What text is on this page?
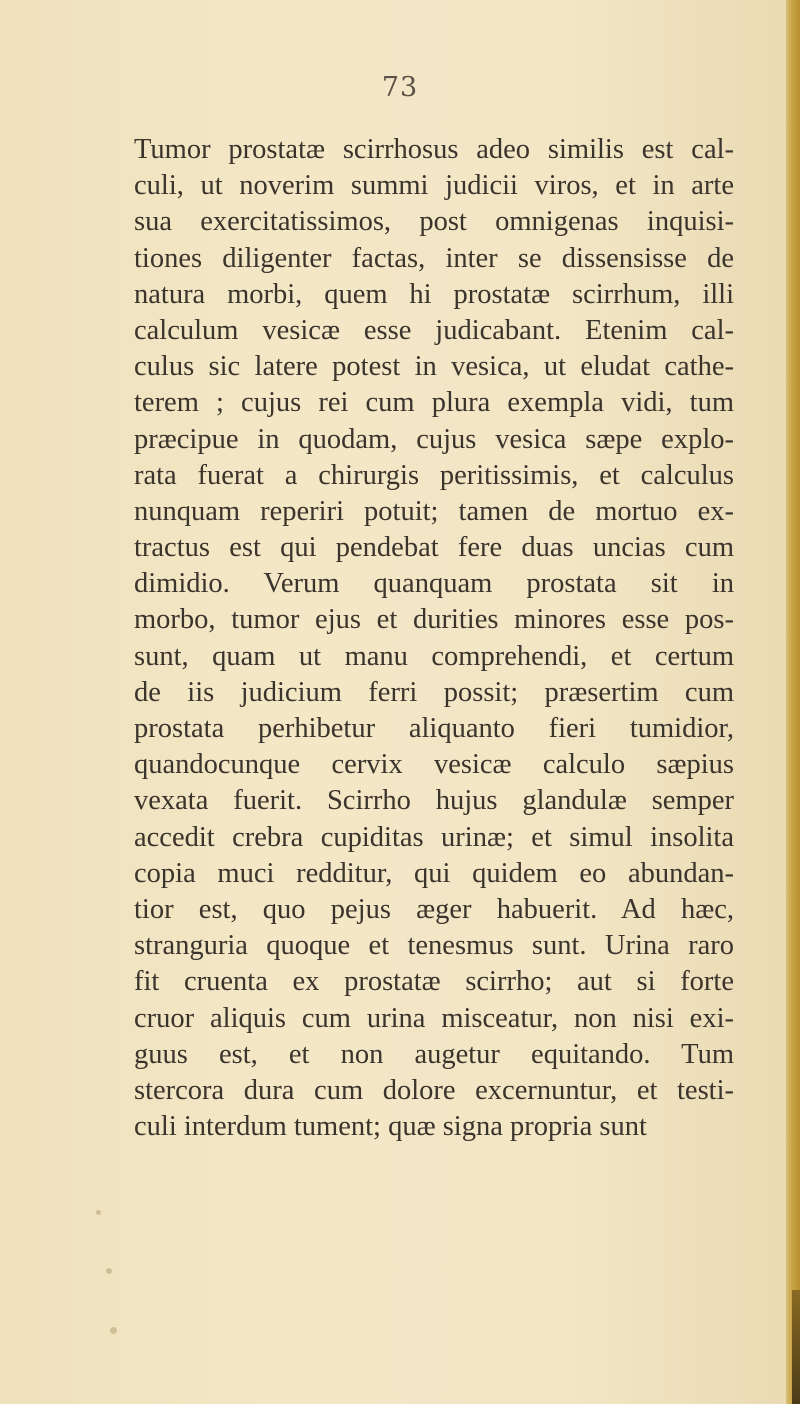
73
Tumor prostatæ scirrhosus adeo similis est cal-
culi, ut noverim summi judicii viros, et in arte
sua exercitatissimos, post omnigenas inquisi-
tiones diligenter factas, inter se dissensisse de
natura morbi, quem hi prostatæ scirrhum, illi
calculum vesicæ esse judicabant. Etenim cal-
culus sic latere potest in vesica, ut eludat cathe-
terem ; cujus rei cum plura exempla vidi, tum
præcipue in quodam, cujus vesica sæpe explo-
rata fuerat a chirurgis peritissimis, et calculus
nunquam reperiri potuit; tamen de mortuo ex-
tractus est qui pendebat fere duas uncias cum
dimidio. Verum quanquam prostata sit in
morbo, tumor ejus et durities minores esse pos-
sunt, quam ut manu comprehendi, et certum
de iis judicium ferri possit; præsertim cum
prostata perhibetur aliquanto fieri tumidior,
quandocunque cervix vesicæ calculo sæpius
vexata fuerit. Scirrho hujus glandulæ semper
accedit crebra cupiditas urinæ; et simul insolita
copia muci redditur, qui quidem eo abundan-
tior est, quo pejus æger habuerit. Ad hæc,
stranguria quoque et tenesmus sunt. Urina raro
fit cruenta ex prostatæ scirrho; aut si forte
cruor aliquis cum urina misceatur, non nisi exi-
guus est, et non augetur equitando. Tum
stercora dura cum dolore excernuntur, et testi-
culi interdum tument; quæ signa propria sunt
